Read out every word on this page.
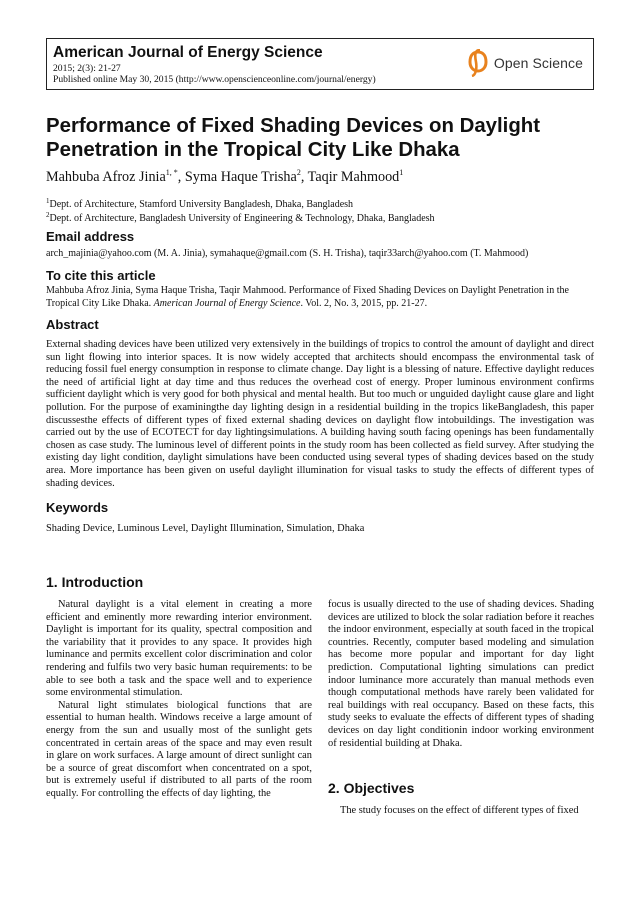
American Journal of Energy Science
2015; 2(3): 21-27
Published online May 30, 2015 (http://www.openscienceonline.com/journal/energy)
Open Science
Performance of Fixed Shading Devices on Daylight
Penetration in the Tropical City Like Dhaka
Mahbuba Afroz Jinia$^{1, *}$, Syma Haque Trisha$^2$, Taqir Mahmood$^1$
$^1$Dept. of Architecture, Stamford University Bangladesh, Dhaka, Bangladesh
$^2$Dept. of Architecture, Bangladesh University of Engineering & Technology, Dhaka, Bangladesh
Email address
arch_majinia@yahoo.com (M. A. Jinia), symahaque@gmail.com (S. H. Trisha), taqir33arch@yahoo.com (T. Mahmood)
To cite this article
Mahbuba Afroz Jinia, Syma Haque Trisha, Taqir Mahmood. Performance of Fixed Shading Devices on Daylight Penetration in the Tropical City Like Dhaka. American Journal of Energy Science. Vol. 2, No. 3, 2015, pp. 21-27.
Abstract

External shading devices have been utilized very extensively in the buildings of tropics to control the amount of daylight and direct sun light flowing into interior spaces. It is now widely accepted that architects should encompass the environmental task of reducing fossil fuel energy consumption in response to climate change. Day light is a blessing of nature. Effective daylight reduces the need of artificial light at day time and thus reduces the overhead cost of energy. Proper luminous environment confirms sufficient daylight which is very good for both physical and mental health. But too much or unguided daylight cause glare and light pollution. For the purpose of examiningthe day lighting design in a residential building in the tropics likeBangladesh, this paper discussesthe effects of different types of fixed external shading devices on daylight flow intobuildings. The investigation was carried out by the use of ECOTECT for day lightingsimulations. A building having south facing openings has been fundamentally chosen as case study. The luminous level of different points in the study room has been collected as field survey. After studying the existing day light condition, daylight simulations have been conducted using several types of shading devices based on the study area. More importance has been given on useful daylight illumination for visual tasks to study the effects of different types of shading devices.

Keywords
Shading Device, Luminous Level, Daylight Illumination, Simulation, Dhaka
1. Introduction

Natural daylight is a vital element in creating a more efficient and eminently more rewarding interior environment. Daylight is important for its quality, spectral composition and the variability that it provides to any space. It provides high luminance and permits excellent color discrimination and color rendering and fulfils two very basic human requirements: to be able to see both a task and the space well and to experience some environmental stimulation.

Natural light stimulates biological functions that are essential to human health. Windows receive a large amount of energy from the sun and usually most of the sunlight gets concentrated in certain areas of the space and may even result in glare on work surfaces. A large amount of direct sunlight can be a source of great discomfort when concentrated on a spot, but is extremely useful if distributed to all parts of the room equally. For controlling the effects of day lighting, the

focus is usually directed to the use of shading devices. Shading devices are utilized to block the solar radiation before it reaches the indoor environment, especially at south faced in the tropical countries. Recently, computer based modeling and simulation has become more popular and important for day light prediction. Computational lighting simulations can predict indoor luminance more accurately than manual methods even though computational methods have rarely been validated for real buildings with real occupancy. Based on these facts, this study seeks to evaluate the effects of different types of shading devices on day light conditionin indoor working environment of residential building at Dhaka.

2. Objectives

The study focuses on the effect of different types of fixed
